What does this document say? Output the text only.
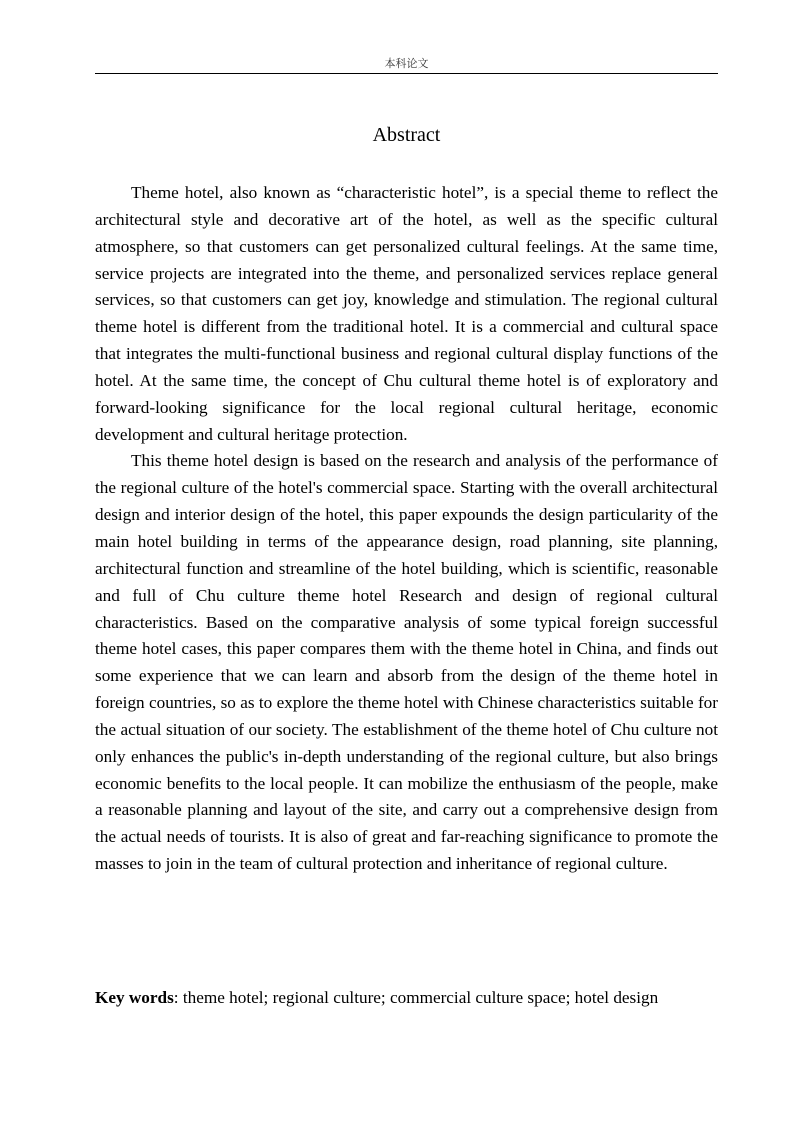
本科论文
Abstract

Theme hotel, also known as “characteristic hotel”, is a special theme to reflect the architectural style and decorative art of the hotel, as well as the specific cultural atmosphere, so that customers can get personalized cultural feelings. At the same time, service projects are integrated into the theme, and personalized services replace general services, so that customers can get joy, knowledge and stimulation. The regional cultural theme hotel is different from the traditional hotel. It is a commercial and cultural space that integrates the multi-functional business and regional cultural display functions of the hotel. At the same time, the concept of Chu cultural theme hotel is of exploratory and forward-looking significance for the local regional cultural heritage, economic development and cultural heritage protection.

This theme hotel design is based on the research and analysis of the performance of the regional culture of the hotel's commercial space. Starting with the overall architectural design and interior design of the hotel, this paper expounds the design particularity of the main hotel building in terms of the appearance design, road planning, site planning, architectural function and streamline of the hotel building, which is scientific, reasonable and full of Chu culture theme hotel Research and design of regional cultural characteristics. Based on the comparative analysis of some typical foreign successful theme hotel cases, this paper compares them with the theme hotel in China, and finds out some experience that we can learn and absorb from the design of the theme hotel in foreign countries, so as to explore the theme hotel with Chinese characteristics suitable for the actual situation of our society. The establishment of the theme hotel of Chu culture not only enhances the public's in-depth understanding of the regional culture, but also brings economic benefits to the local people. It can mobilize the enthusiasm of the people, make a reasonable planning and layout of the site, and carry out a comprehensive design from the actual needs of tourists. It is also of great and far-reaching significance to promote the masses to join in the team of cultural protection and inheritance of regional culture.

Key words: theme hotel; regional culture; commercial culture space; hotel design
